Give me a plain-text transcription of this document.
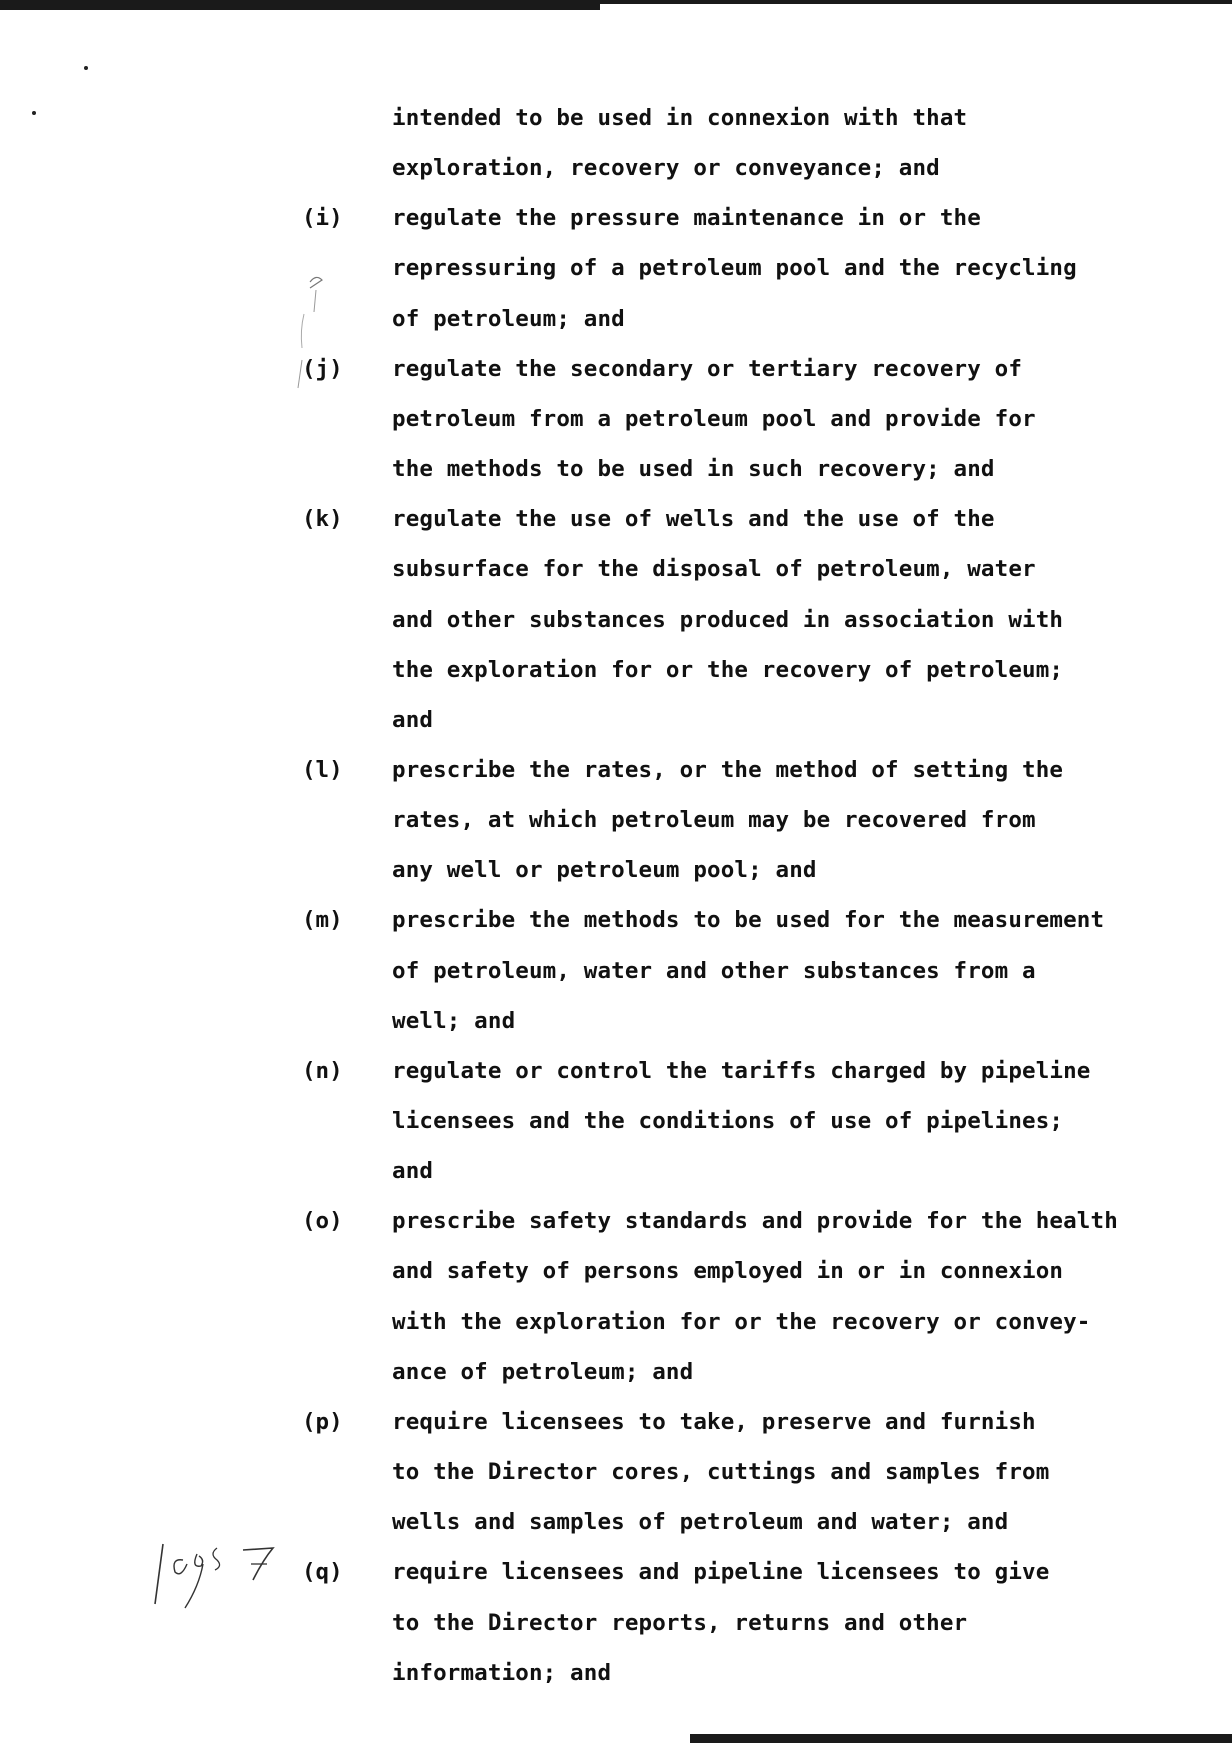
intended to be used in connexion with that
exploration, recovery or conveyance; and
(i) regulate the pressure maintenance in or the
repressuring of a petroleum pool and the recycling
of petroleum; and
(j) regulate the secondary or tertiary recovery of
petroleum from a petroleum pool and provide for
the methods to be used in such recovery; and
(k) regulate the use of wells and the use of the
subsurface for the disposal of petroleum, water
and other substances produced in association with
the exploration for or the recovery of petroleum;
and
(l) prescribe the rates, or the method of setting the
rates, at which petroleum may be recovered from
any well or petroleum pool; and
(m) prescribe the methods to be used for the measurement
of petroleum, water and other substances from a
well; and
(n) regulate or control the tariffs charged by pipeline
licensees and the conditions of use of pipelines;
and
(o) prescribe safety standards and provide for the health
and safety of persons employed in or in connexion
with the exploration for or the recovery or convey-
ance of petroleum; and
(p) require licensees to take, preserve and furnish
to the Director cores, cuttings and samples from
wells and samples of petroleum and water; and
(q) require licensees and pipeline licensees to give
to the Director reports, returns and other
information; and
